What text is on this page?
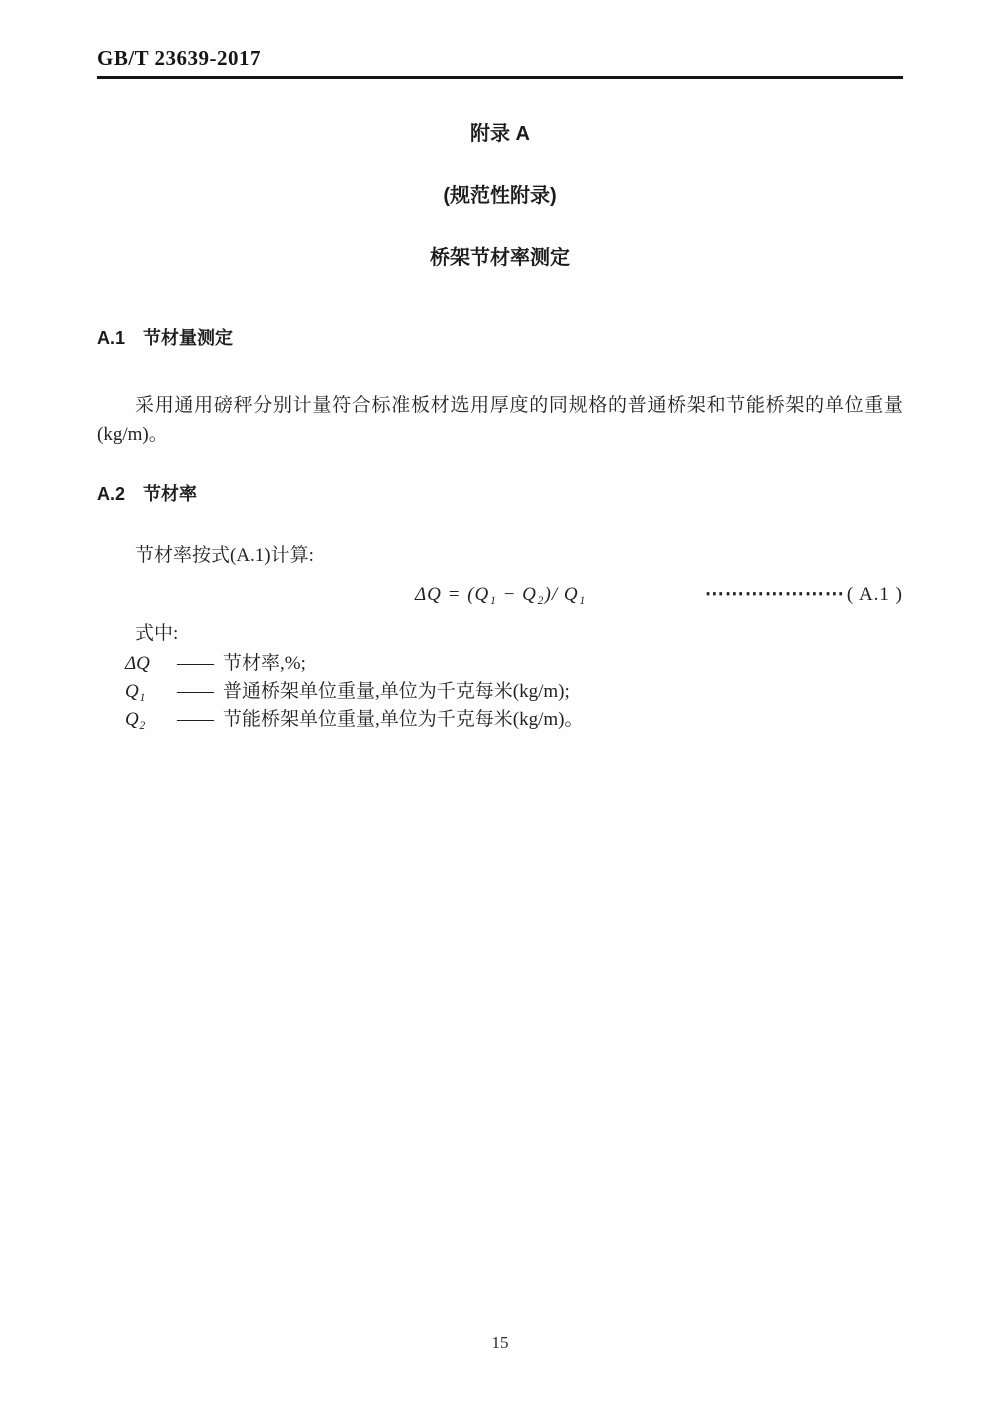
GB/T 23639-2017
附录 A
(规范性附录)
桥架节材率测定
A.1 节材量测定
采用通用磅秤分别计量符合标准板材选用厚度的同规格的普通桥架和节能桥架的单位重量(kg/m)。
A.2 节材率
节材率按式(A.1)计算:
ΔQ = (Q₁ − Q₂)/ Q₁	⋯⋯⋯⋯⋯⋯⋯ ( A.1 )
式中:
ΔQ	—— 节材率,%;
Q₁	—— 普通桥架单位重量,单位为千克每米(kg/m);
Q₂	—— 节能桥架单位重量,单位为千克每米(kg/m)。
15
